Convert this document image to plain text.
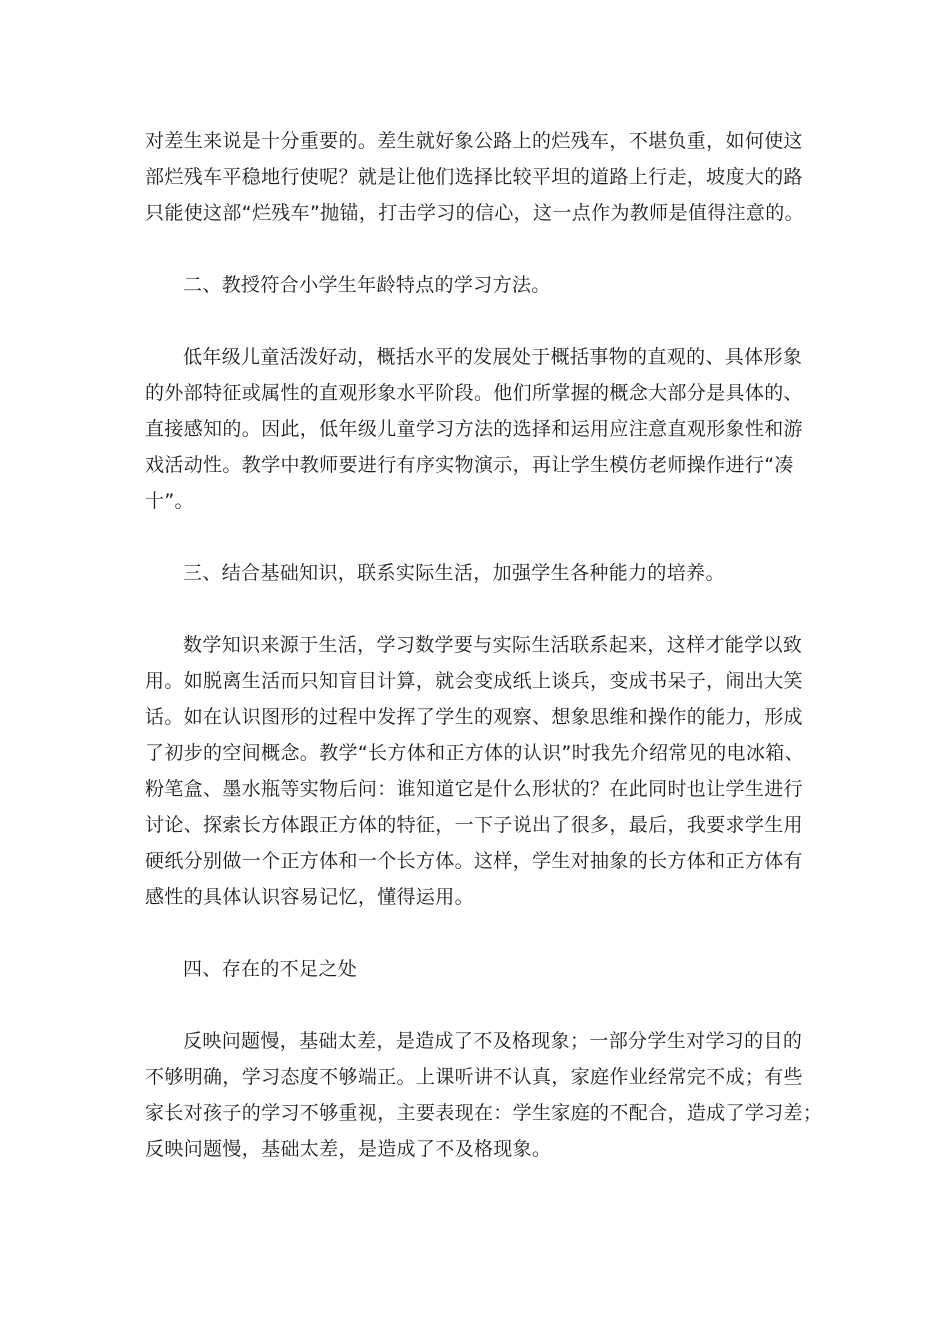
对差生来说是十分重要的。差生就好象公路上的烂残车，不堪负重，如何使这
部烂残车平稳地行使呢？就是让他们选择比较平坦的道路上行走，坡度大的路
只能使这部“烂残车”抛锚，打击学习的信心，这一点作为教师是值得注意的。
二、教授符合小学生年龄特点的学习方法。
低年级儿童活泼好动，概括水平的发展处于概括事物的直观的、具体形象
的外部特征或属性的直观形象水平阶段。他们所掌握的概念大部分是具体的、
直接感知的。因此，低年级儿童学习方法的选择和运用应注意直观形象性和游
戏活动性。教学中教师要进行有序实物演示，再让学生模仿老师操作进行“凑
十”。
三、结合基础知识，联系实际生活，加强学生各种能力的培养。
数学知识来源于生活，学习数学要与实际生活联系起来，这样才能学以致
用。如脱离生活而只知盲目计算，就会变成纸上谈兵，变成书呆子，闹出大笑
话。如在认识图形的过程中发挥了学生的观察、想象思维和操作的能力，形成
了初步的空间概念。教学“长方体和正方体的认识”时我先介绍常见的电冰箱、
粉笔盒、墨水瓶等实物后问：谁知道它是什么形状的？在此同时也让学生进行
讨论、探索长方体跟正方体的特征，一下子说出了很多，最后，我要求学生用
硬纸分别做一个正方体和一个长方体。这样，学生对抽象的长方体和正方体有
感性的具体认识容易记忆，懂得运用。
四、存在的不足之处
反映问题慢，基础太差，是造成了不及格现象；一部分学生对学习的目的
不够明确，学习态度不够端正。上课听讲不认真，家庭作业经常完不成；有些
家长对孩子的学习不够重视，主要表现在：学生家庭的不配合，造成了学习差；
反映问题慢，基础太差，是造成了不及格现象。
